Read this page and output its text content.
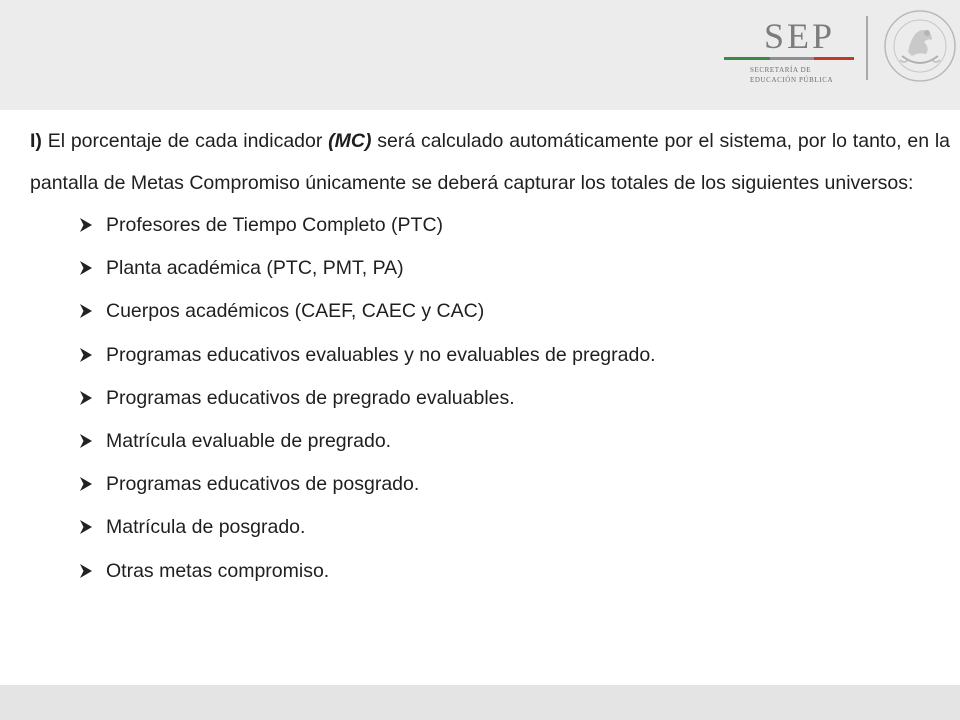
SEP
SECRETARÍA DE
EDUCACIÓN PÚBLICA

I) El porcentaje de cada indicador (MC) será calculado automáticamente por el sistema, por lo tanto, en la pantalla de Metas Compromiso únicamente se deberá capturar los totales de los siguientes universos:

Profesores de Tiempo Completo (PTC)
Planta académica (PTC, PMT, PA)
Cuerpos académicos (CAEF, CAEC y CAC)
Programas educativos evaluables y no evaluables de pregrado.
Programas educativos de pregrado evaluables.
Matrícula evaluable de pregrado.
Programas educativos de posgrado.
Matrícula de posgrado.
Otras metas compromiso.
